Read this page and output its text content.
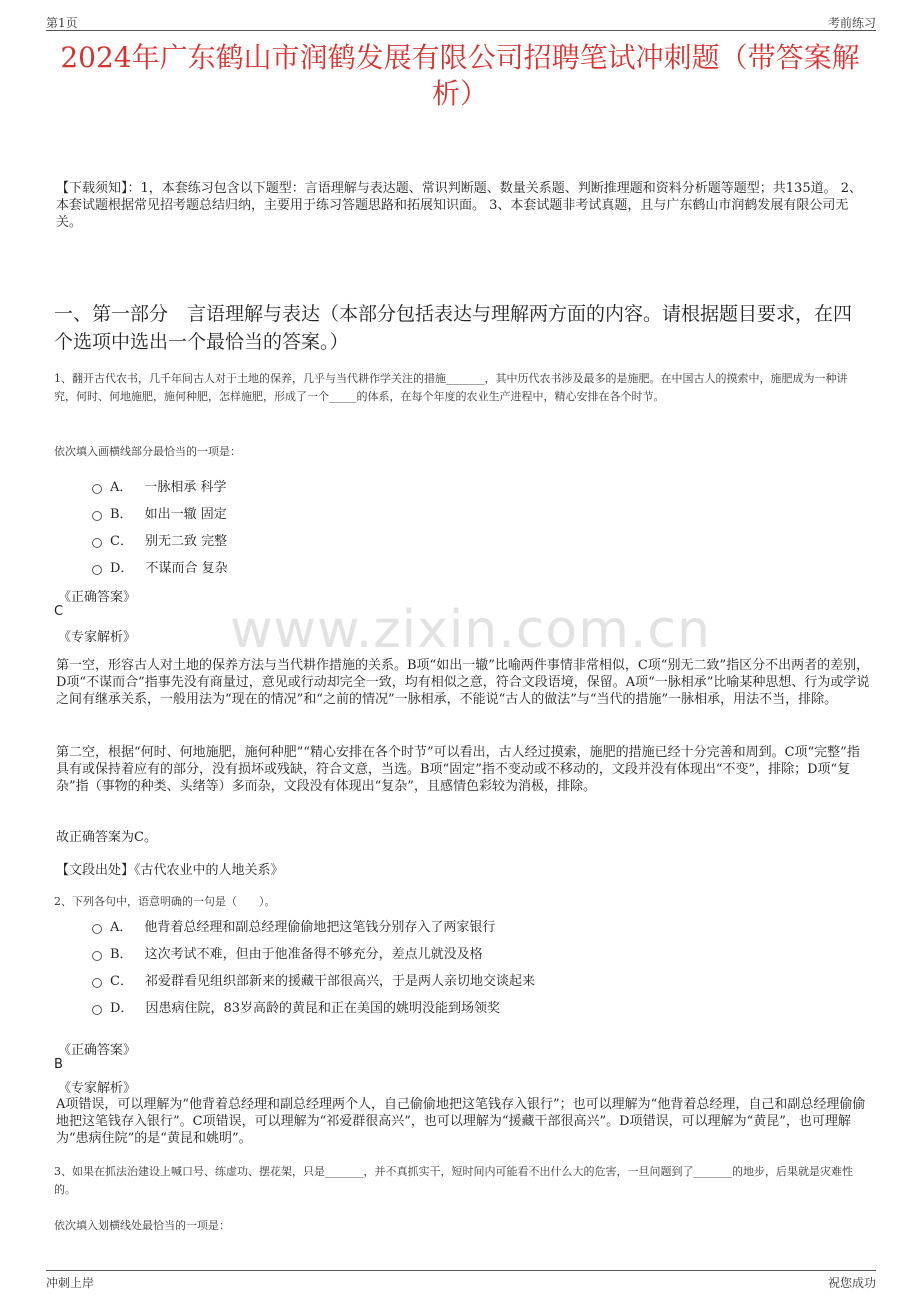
第1页	考前练习
2024年广东鹤山市润鹤发展有限公司招聘笔试冲刺题（带答案解析）
【下载须知】：1，本套练习包含以下题型：言语理解与表达题、常识判断题、数量关系题、判断推理题和资料分析题等题型；共135道。 2、本套试题根据常见招考题总结归纳，主要用于练习答题思路和拓展知识面。 3、本套试题非考试真题，且与广东鹤山市润鹤发展有限公司无关。
一、第一部分　言语理解与表达（本部分包括表达与理解两方面的内容。请根据题目要求，在四个选项中选出一个最恰当的答案。）
www.zixin.com.cn
1、翻开古代农书，几千年间古人对于土地的保养，几乎与当代耕作学关注的措施_______，其中历代农书涉及最多的是施肥。在中国古人的摸索中，施肥成为一种讲究，何时、何地施肥，施何种肥，怎样施肥，形成了一个_____的体系，在每个年度的农业生产进程中，精心安排在各个时节。
依次填入画横线部分最恰当的一项是：
A． 一脉相承 科学
B． 如出一辙 固定
C． 别无二致 完整
D． 不谋而合 复杂
《正确答案》
C
《专家解析》
第一空，形容古人对土地的保养方法与当代耕作措施的关系。B项“如出一辙”比喻两件事情非常相似，C项“别无二致”指区分不出两者的差别，D项“不谋而合”指事先没有商量过，意见或行动却完全一致，均有相似之意，符合文段语境，保留。A项“一脉相承”比喻某种思想、行为或学说之间有继承关系，一般用法为“现在的情况”和“之前的情况”一脉相承，不能说“古人的做法”与“当代的措施”一脉相承，用法不当，排除。
第二空，根据“何时、何地施肥，施何种肥”“精心安排在各个时节”可以看出，古人经过摸索，施肥的措施已经十分完善和周到。C项“完整”指具有或保持着应有的部分，没有损坏或残缺，符合文意，当选。B项“固定”指不变动或不移动的，文段并没有体现出“不变”，排除；D项“复杂”指（事物的种类、头绪等）多而杂，文段没有体现出“复杂”，且感情色彩较为消极，排除。
故正确答案为C。
【文段出处】《古代农业中的人地关系》
2、下列各句中，语意明确的一句是（　　）。
A． 他背着总经理和副总经理偷偷地把这笔钱分别存入了两家银行
B． 这次考试不难，但由于他准备得不够充分，差点儿就没及格
C． 祁爱群看见组织部新来的援藏干部很高兴，于是两人亲切地交谈起来
D． 因患病住院，83岁高龄的黄昆和正在美国的姚明没能到场领奖
《正确答案》
B
《专家解析》
A项错误，可以理解为“他背着总经理和副总经理两个人，自己偷偷地把这笔钱存入银行”；也可以理解为“他背着总经理，自己和副总经理偷偷地把这笔钱存入银行”。C项错误，可以理解为“祁爱群很高兴”，也可以理解为“援藏干部很高兴”。D项错误，可以理解为“黄昆”，也可理解为“患病住院”的是“黄昆和姚明”。
3、如果在抓法治建设上喊口号、练虚功、摆花架，只是_______，并不真抓实干，短时间内可能看不出什么大的危害，一旦问题到了_______的地步，后果就是灾难性的。
依次填入划横线处最恰当的一项是：
冲刺上岸	祝您成功
